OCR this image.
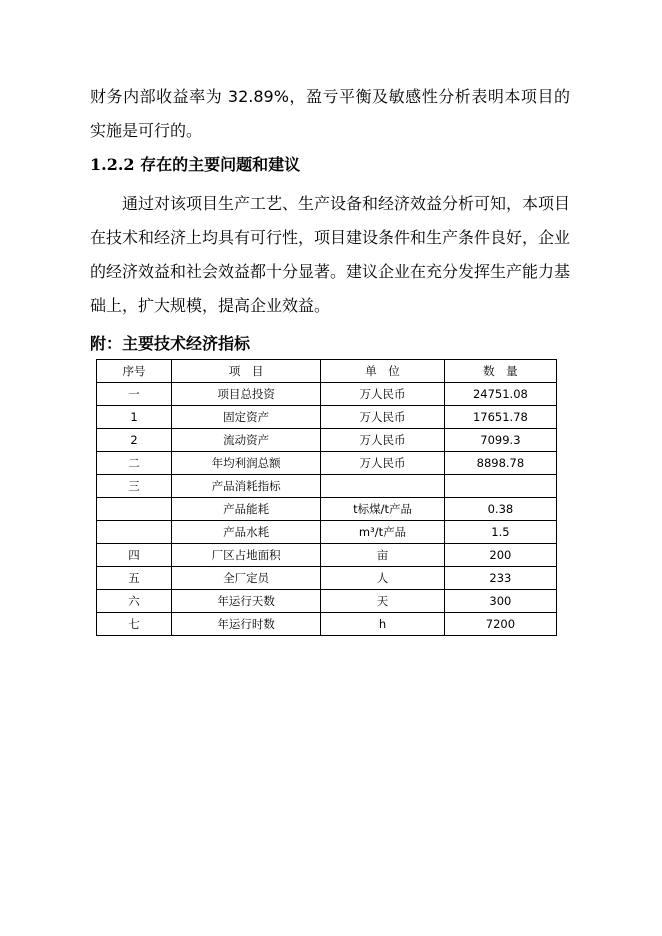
财务内部收益率为 32.89%，盈亏平衡及敏感性分析表明本项目的实施是可行的。

1.2.2 存在的主要问题和建议

通过对该项目生产工艺、生产设备和经济效益分析可知，本项目在技术和经济上均具有可行性，项目建设条件和生产条件良好，企业的经济效益和社会效益都十分显著。建议企业在充分发挥生产能力基础上，扩大规模，提高企业效益。

附：主要技术经济指标
序号	项　目	单　位	数　量
一	项目总投资	万人民币	24751.08
1	固定资产	万人民币	17651.78
2	流动资产	万人民币	7099.3
二	年均利润总额	万人民币	8898.78
三	产品消耗指标		
	产品能耗	t标煤/t产品	0.38
	产品水耗	m³/t产品	1.5
四	厂区占地面积	亩	200
五	全厂定员	人	233
六	年运行天数	天	300
七	年运行时数	h	7200
